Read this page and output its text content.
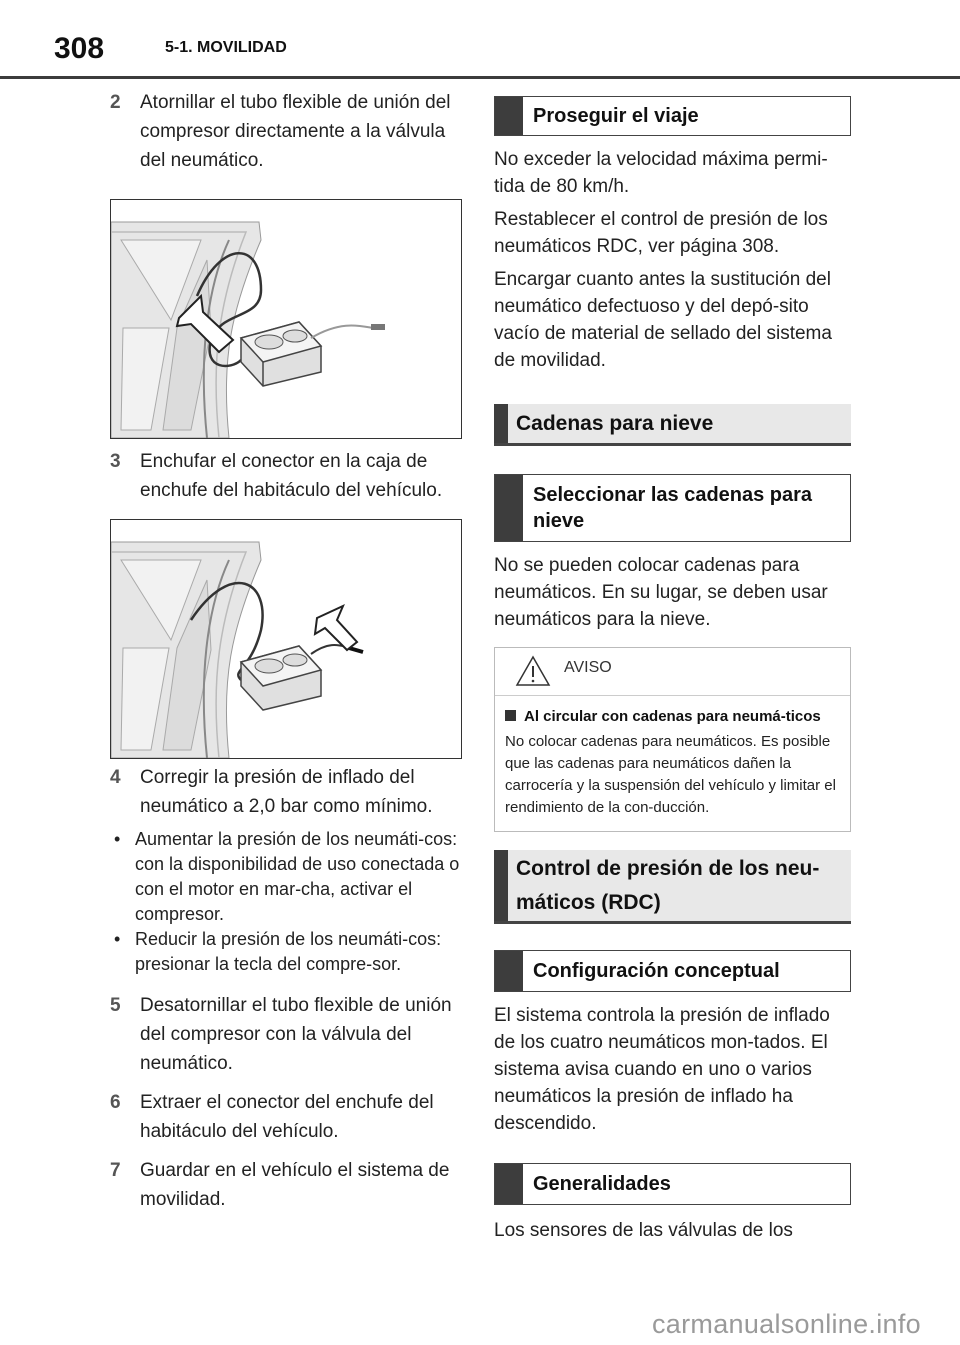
308	5-1. MOVILIDAD
2	Atornillar el tubo flexible de unión del compresor directamente a la válvula del neumático.
3	Enchufar el conector en la caja de enchufe del habitáculo del vehículo.
4	Corregir la presión de inflado del neumático a 2,0 bar como mínimo.
• Aumentar la presión de los neumáti-cos: con la disponibilidad de uso conectada o con el motor en mar-cha, activar el compresor.
• Reducir la presión de los neumáti-cos: presionar la tecla del compre-sor.
5	Desatornillar el tubo flexible de unión del compresor con la válvula del neumático.
6	Extraer el conector del enchufe del habitáculo del vehículo.
7	Guardar en el vehículo el sistema de movilidad.
Proseguir el viaje
No exceder la velocidad máxima permi-tida de 80 km/h.
Restablecer el control de presión de los neumáticos RDC, ver página 308.
Encargar cuanto antes la sustitución del neumático defectuoso y del depó-sito vacío de material de sellado del sistema de movilidad.
Cadenas para nieve
Seleccionar las cadenas para nieve
No se pueden colocar cadenas para neumáticos. En su lugar, se deben usar neumáticos para la nieve.
AVISO
Al circular con cadenas para neumá-ticos
No colocar cadenas para neumáticos. Es posible que las cadenas para neumáticos dañen la carrocería y la suspensión del vehículo y limitar el rendimiento de la con-ducción.
Control de presión de los neu-máticos (RDC)
Configuración conceptual
El sistema controla la presión de inflado de los cuatro neumáticos mon-tados. El sistema avisa cuando en uno o varios neumáticos la presión de inflado ha descendido.
Generalidades
Los sensores de las válvulas de los
carmanualsonline.info
